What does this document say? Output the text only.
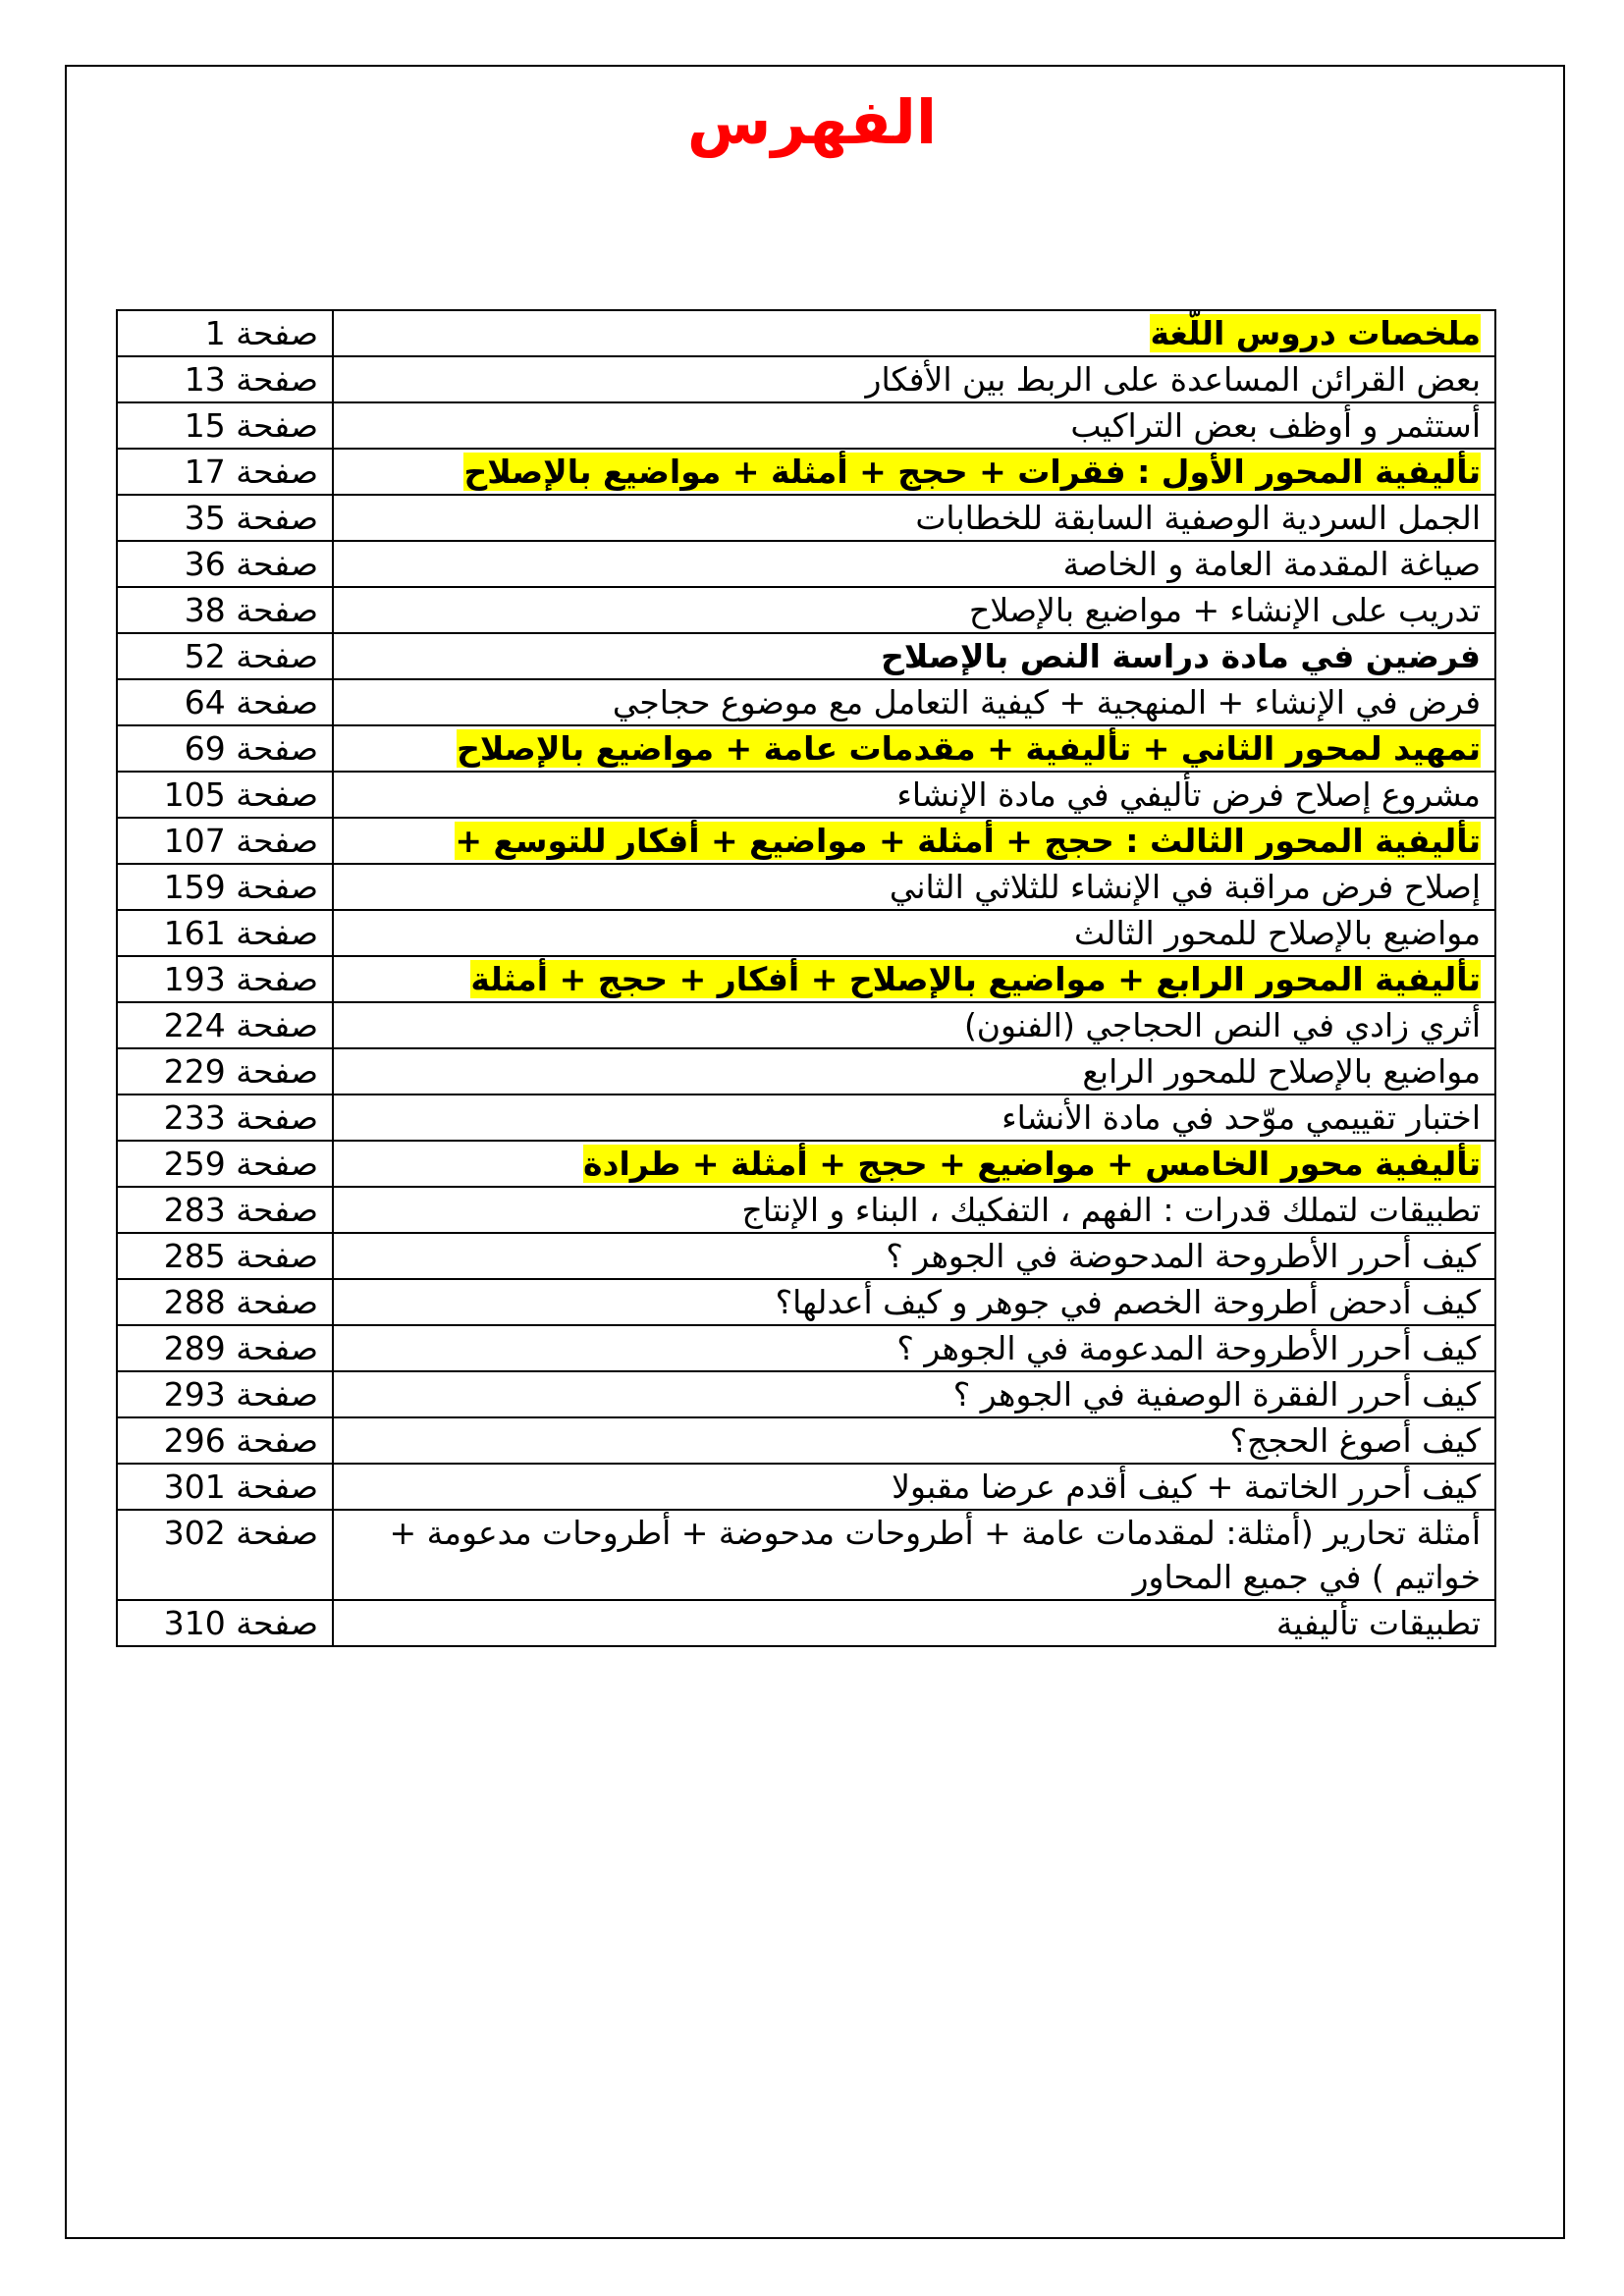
الفهرس
ملخصات دروس اللّغة	صفحة 1
بعض القرائن المساعدة على الربط بين الأفكار	صفحة 13
أستثمر و أوظف بعض التراكيب	صفحة 15
تأليفية المحور الأول : فقرات + حجج + أمثلة + مواضيع بالإصلاح	صفحة 17
الجمل السردية الوصفية السابقة للخطابات	صفحة 35
صياغة المقدمة العامة و الخاصة	صفحة 36
تدريب على الإنشاء + مواضيع بالإصلاح	صفحة 38
فرضين في مادة دراسة النص بالإصلاح	صفحة 52
فرض في الإنشاء + المنهجية + كيفية التعامل مع موضوع حجاجي	صفحة 64
تمهيد لمحور الثاني + تأليفية + مقدمات عامة + مواضيع بالإصلاح	صفحة 69
مشروع إصلاح فرض تأليفي في مادة الإنشاء	صفحة 105
تأليفية المحور الثالث : حجج + أمثلة + مواضيع + أفكار للتوسع +	صفحة 107
إصلاح فرض مراقبة في الإنشاء للثلاثي الثاني	صفحة 159
مواضيع بالإصلاح للمحور الثالث	صفحة 161
تأليفية المحور الرابع + مواضيع بالإصلاح + أفكار + حجج + أمثلة	صفحة 193
أثري زادي في النص الحجاجي (الفنون)	صفحة 224
مواضيع بالإصلاح للمحور الرابع	صفحة 229
اختبار تقييمي موّحد في مادة الأنشاء	صفحة 233
تأليفية محور الخامس + مواضيع + حجج + أمثلة + طرادة	صفحة 259
تطبيقات لتملك قدرات : الفهم ، التفكيك ، البناء و الإنتاج	صفحة 283
كيف أحرر الأطروحة المدحوضة في الجوهر ؟	صفحة 285
كيف أدحض أطروحة الخصم في جوهر و كيف أعدلها؟	صفحة 288
كيف أحرر الأطروحة المدعومة في الجوهر ؟	صفحة 289
كيف أحرر الفقرة الوصفية في الجوهر ؟	صفحة 293
كيف أصوغ الحجج؟	صفحة 296
كيف أحرر الخاتمة + كيف أقدم عرضا مقبولا	صفحة 301
أمثلة تحارير (أمثلة: لمقدمات عامة + أطروحات مدحوضة + أطروحات مدعومة + خواتيم ) في جميع المحاور	صفحة 302
تطبيقات تأليفية	صفحة 310
